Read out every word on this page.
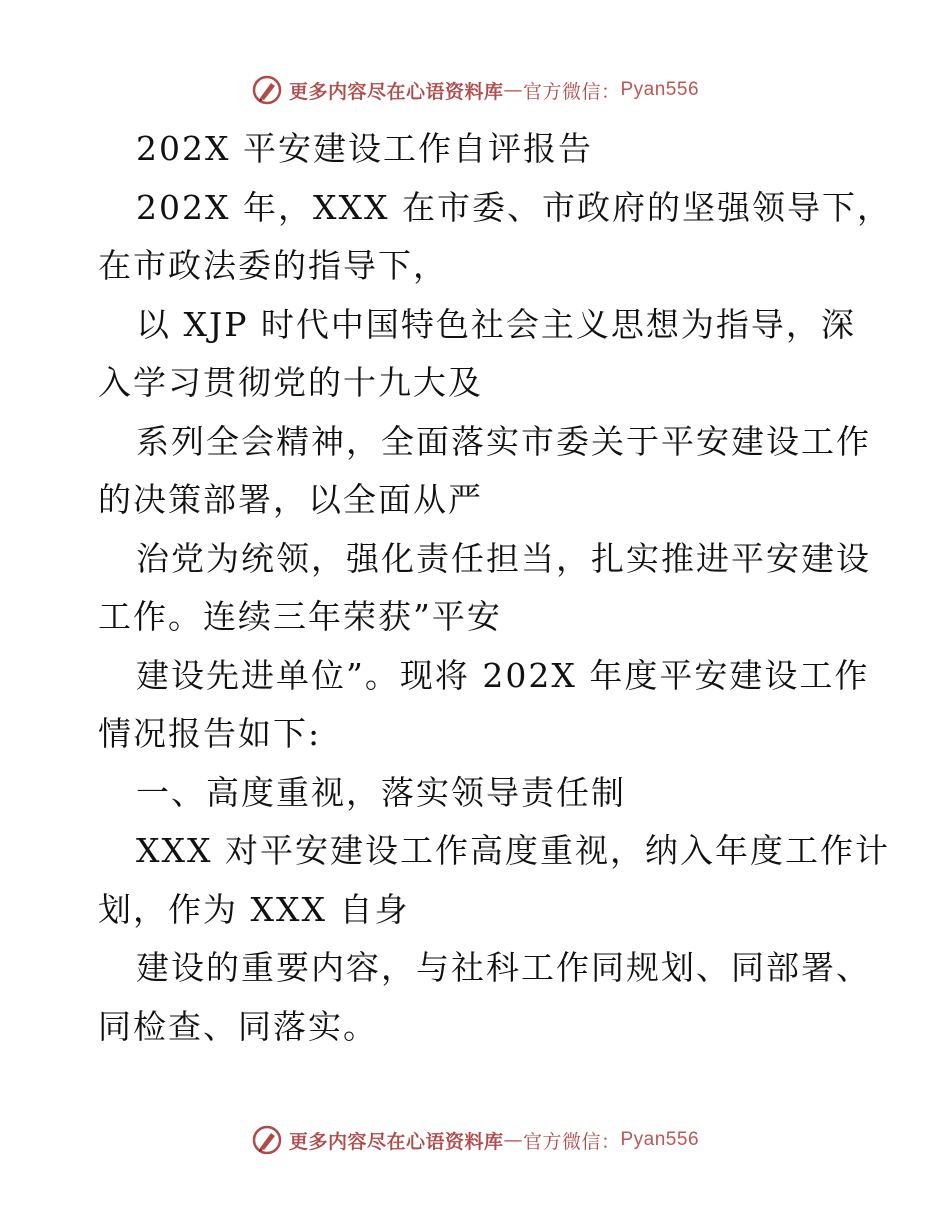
更多内容尽在心语资料库 — 官方微信： Pyan556
202X 平安建设工作自评报告
202X 年，XXX 在市委、市政府的坚强领导下，
在市政法委的指导下，
以 XJP 时代中国特色社会主义思想为指导，深
入学习贯彻党的十九大及
系列全会精神，全面落实市委关于平安建设工作
的决策部署，以全面从严
治党为统领，强化责任担当，扎实推进平安建设
工作。连续三年荣获”平安
建设先进单位”。现将 202X 年度平安建设工作
情况报告如下:
一、高度重视，落实领导责任制
XXX 对平安建设工作高度重视，纳入年度工作计
划，作为 XXX 自身
建设的重要内容，与社科工作同规划、同部署、
同检查、同落实。
更多内容尽在心语资料库 — 官方微信： Pyan556
